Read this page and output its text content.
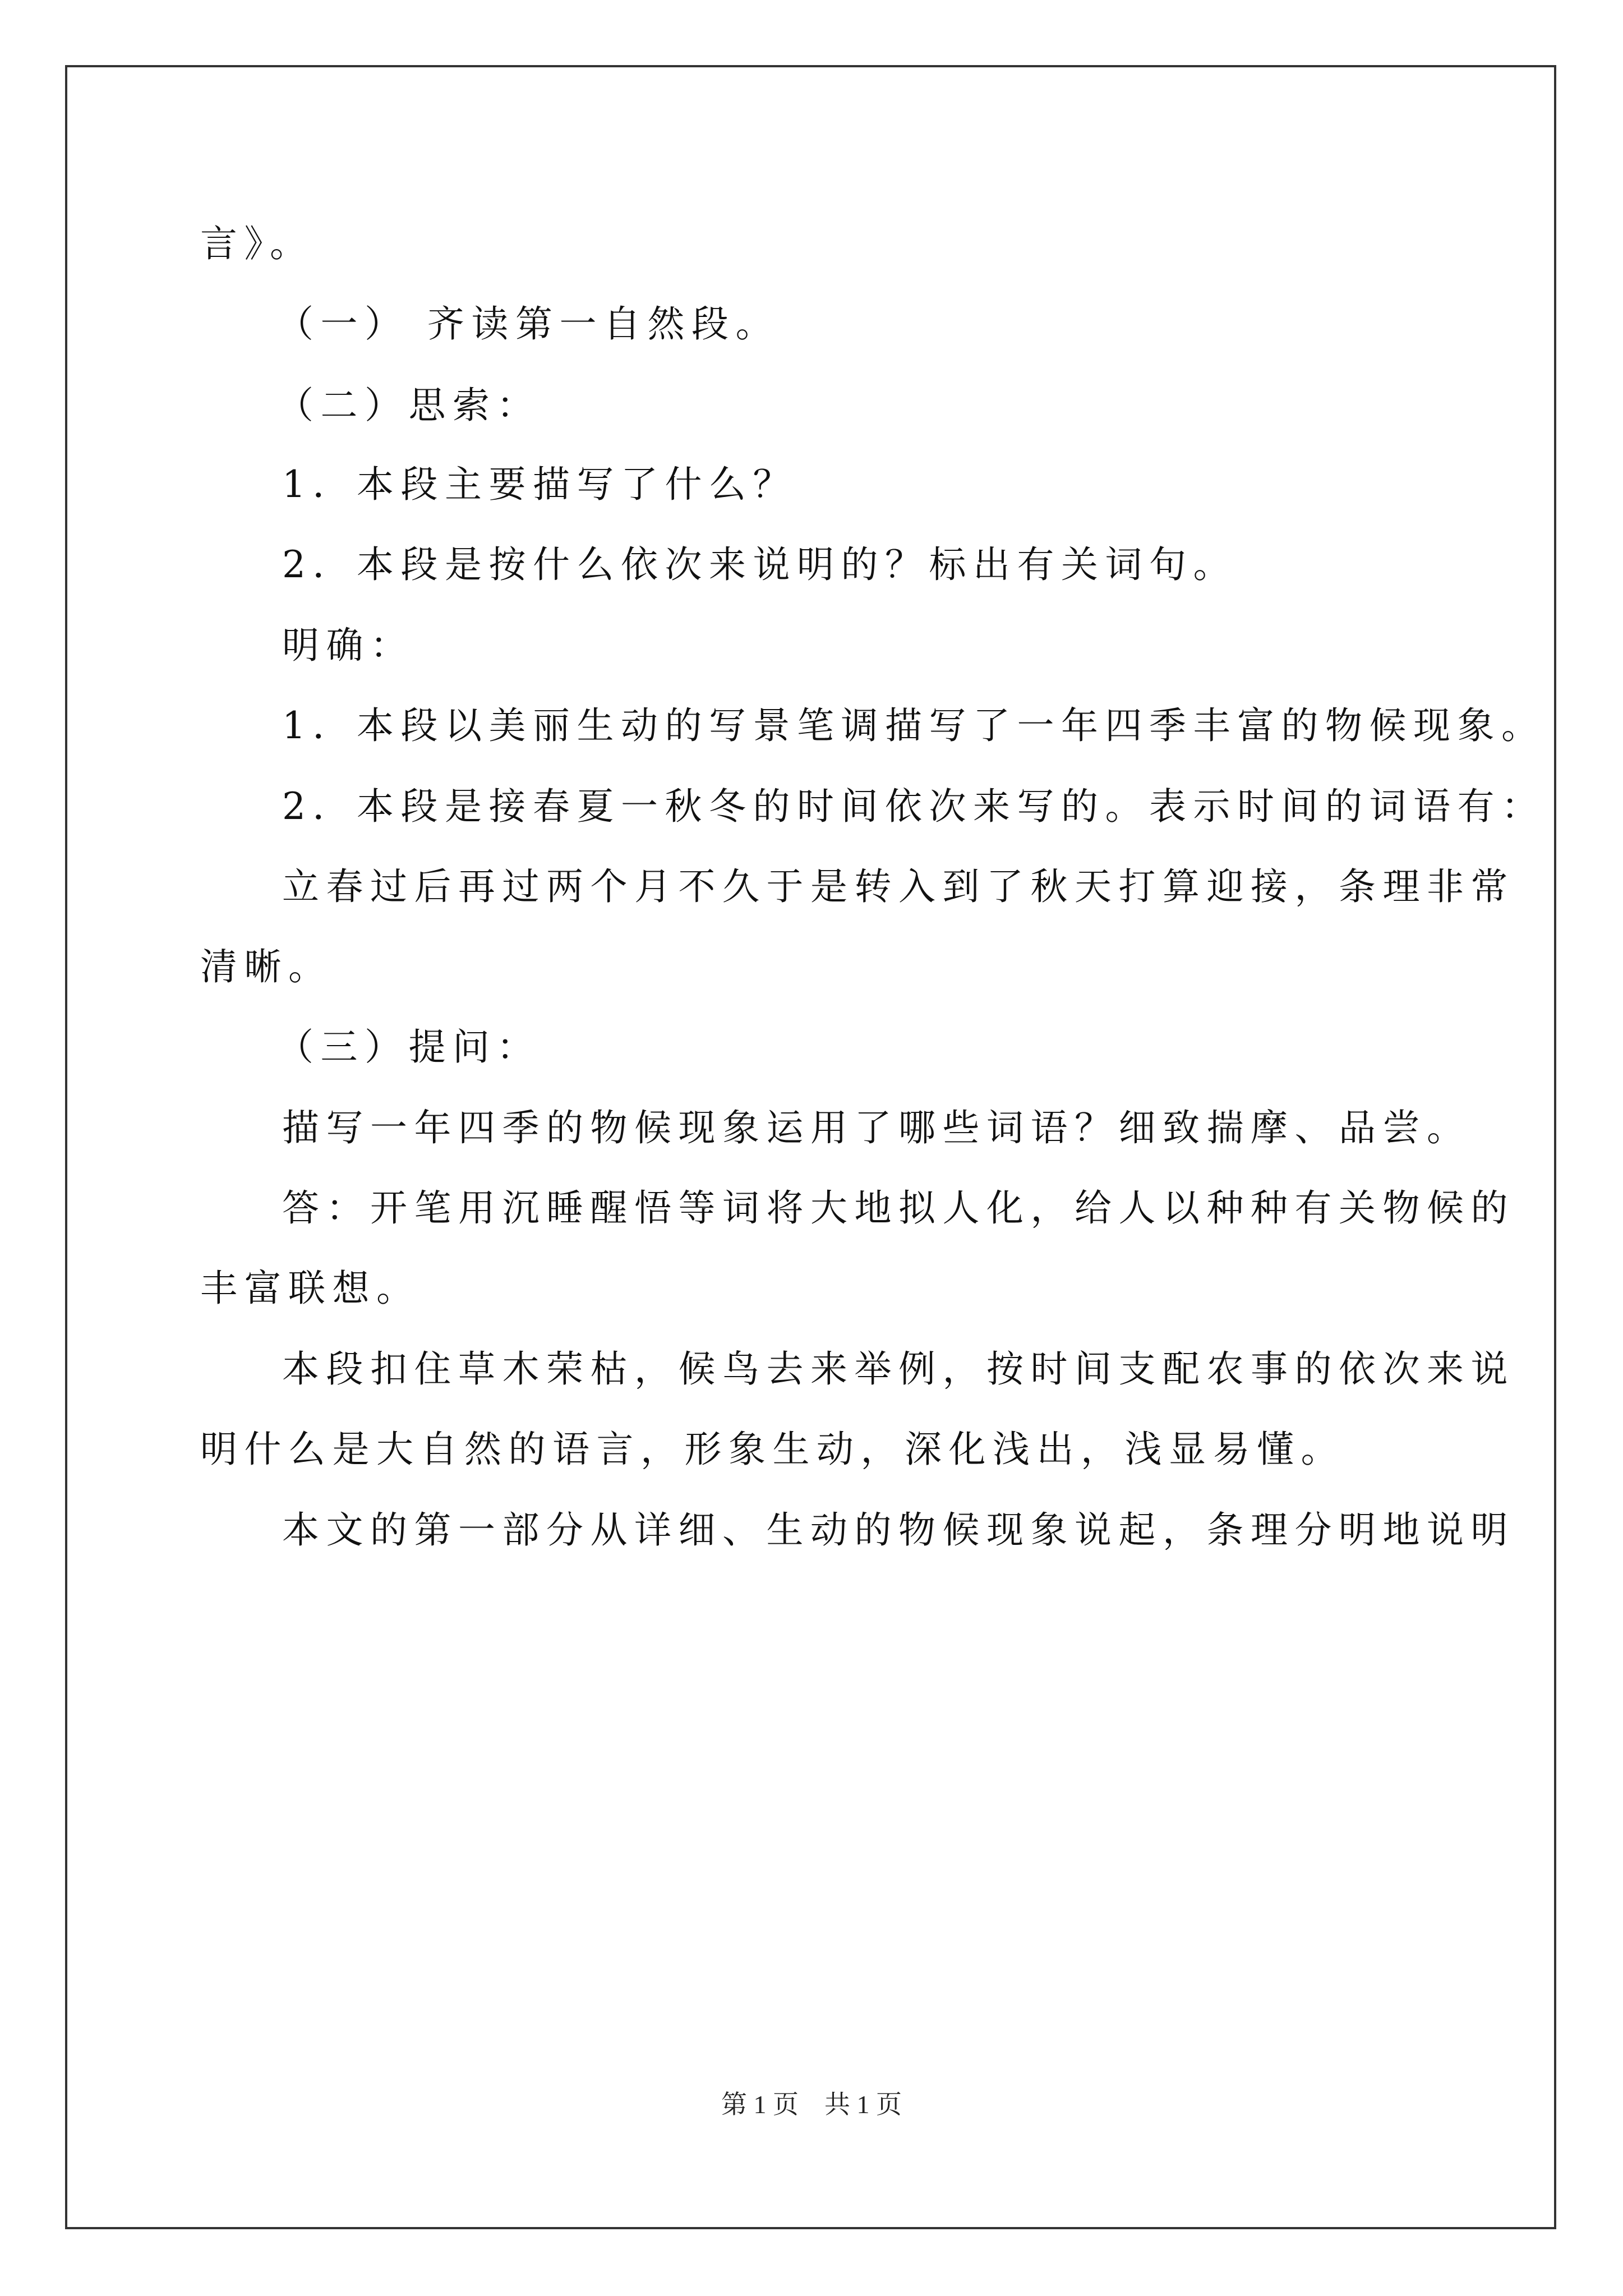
言》。
（一） 齐读第一自然段。
（二）思索：
1．本段主要描写了什么？
2．本段是按什么依次来说明的？标出有关词句。
明确：
1．本段以美丽生动的写景笔调描写了一年四季丰富的物候现象。
2．本段是接春夏一秋冬的时间依次来写的。表示时间的词语有：
立春过后再过两个月不久于是转入到了秋天打算迎接，条理非常
清晰。
（三）提问：
描写一年四季的物候现象运用了哪些词语？细致揣摩、品尝。
答：开笔用沉睡醒悟等词将大地拟人化，给人以种种有关物候的
丰富联想。
本段扣住草木荣枯，候鸟去来举例，按时间支配农事的依次来说
明什么是大自然的语言，形象生动，深化浅出，浅显易懂。
本文的第一部分从详细、生动的物候现象说起，条理分明地说明
第 1 页　共 1 页
